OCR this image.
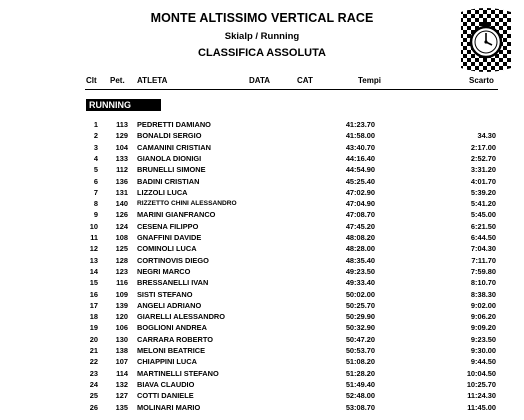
MONTE ALTISSIMO VERTICAL RACE
Skialp / Running
CLASSIFICA ASSOLUTA
Clt Pet. ATLETA	DATA	CAT	Tempi	Scarto
RUNNING
1	113 PEDRETTI DAMIANO	41:23.70
2	129 BONALDI SERGIO	41:58.00	34.30
3	104 CAMANINI CRISTIAN	43:40.70	2:17.00
4	133 GIANOLA DIONIGI	44:16.40	2:52.70
5	112 BRUNELLI SIMONE	44:54.90	3:31.20
6	136 BADINI CRISTIAN	45:25.40	4:01.70
7	131 LIZZOLI LUCA	47:02.90	5:39.20
8	140 RIZZETTO CHINI ALESSANDRO	47:04.90	5:41.20
9	126 MARINI GIANFRANCO	47:08.70	5:45.00
10	124 CESENA FILIPPO	47:45.20	6:21.50
11	108 GNAFFINI DAVIDE	48:08.20	6:44.50
12	125 COMINOLI LUCA	48:28.00	7:04.30
13	128 CORTINOVIS DIEGO	48:35.40	7:11.70
14	123 NEGRI MARCO	49:23.50	7:59.80
15	116 BRESSANELLI IVAN	49:33.40	8:10.70
16	109 SISTI STEFANO	50:02.00	8:38.30
17	139 ANGELI ADRIANO	50:25.70	9:02.00
18	120 GIARELLI ALESSANDRO	50:29.90	9:06.20
19	106 BOGLIONI ANDREA	50:32.90	9:09.20
20	130 CARRARA ROBERTO	50:47.20	9:23.50
21	138 MELONI BEATRICE	50:53.70	9:30.00
22	107 CHIAPPINI LUCA	51:08.20	9:44.50
23	114 MARTINELLI STEFANO	51:28.20	10:04.50
24	132 BIAVA CLAUDIO	51:49.40	10:25.70
25	127 COTTI DANIELE	52:48.00	11:24.30
26	135 MOLINARI MARIO	53:08.70	11:45.00
